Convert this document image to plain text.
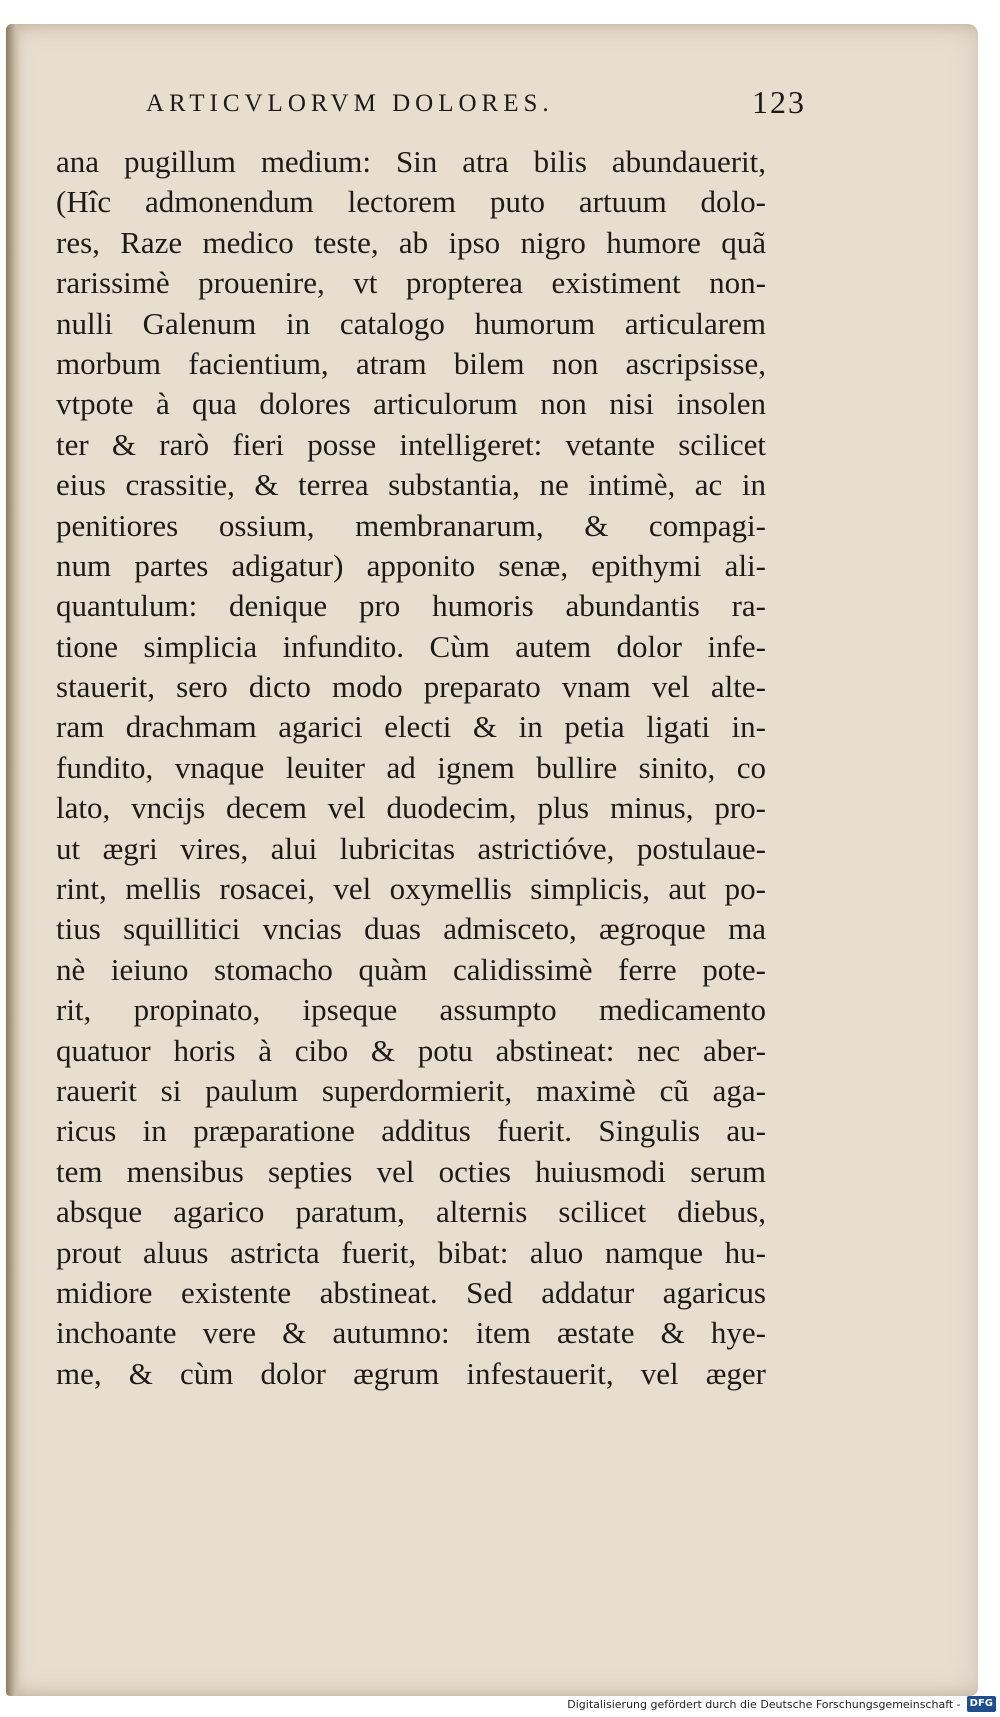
ARTICVLORVM DOLORES.	123
ana pugillum medium: Sin atra bilis abundauerit,
(Hîc admonendum lectorem puto artuum dolo-
res, Raze medico teste, ab ipso nigro humore quã
rarissimè prouenire, vt propterea existiment non-
nulli Galenum in catalogo humorum articularem
morbum facientium, atram bilem non ascripsisse,
vtpote à qua dolores articulorum non nisi insolen
ter & rarò fieri posse intelligeret: vetante scilicet
eius crassitie, & terrea substantia, ne intimè, ac in
penitiores ossium, membranarum, & compagi-
num partes adigatur) apponito senæ, epithymi ali-
quantulum: denique pro humoris abundantis ra-
tione simplicia infundito. Cùm autem dolor infe-
stauerit, sero dicto modo preparato vnam vel alte-
ram drachmam agarici electi & in petia ligati in-
fundito, vnaque leuiter ad ignem bullire sinito, co
lato, vncijs decem vel duodecim, plus minus, pro-
ut ægri vires, alui lubricitas astrictióve, postulaue-
rint, mellis rosacei, vel oxymellis simplicis, aut po-
tius squillitici vncias duas admisceto, ægroque ma
nè ieiuno stomacho quàm calidissimè ferre pote-
rit, propinato, ipseque assumpto medicamento
quatuor horis à cibo & potu abstineat: nec aber-
rauerit si paulum superdormierit, maximè cũ aga-
ricus in præparatione additus fuerit. Singulis au-
tem mensibus septies vel octies huiusmodi serum
absque agarico paratum, alternis scilicet diebus,
prout aluus astricta fuerit, bibat: aluo namque hu-
midiore existente abstineat. Sed addatur agaricus
inchoante vere & autumno: item æstate & hye-
me, & cùm dolor ægrum infestauerit, vel æger
Digitalisierung gefördert durch die Deutsche Forschungsgemeinschaft - DFG
